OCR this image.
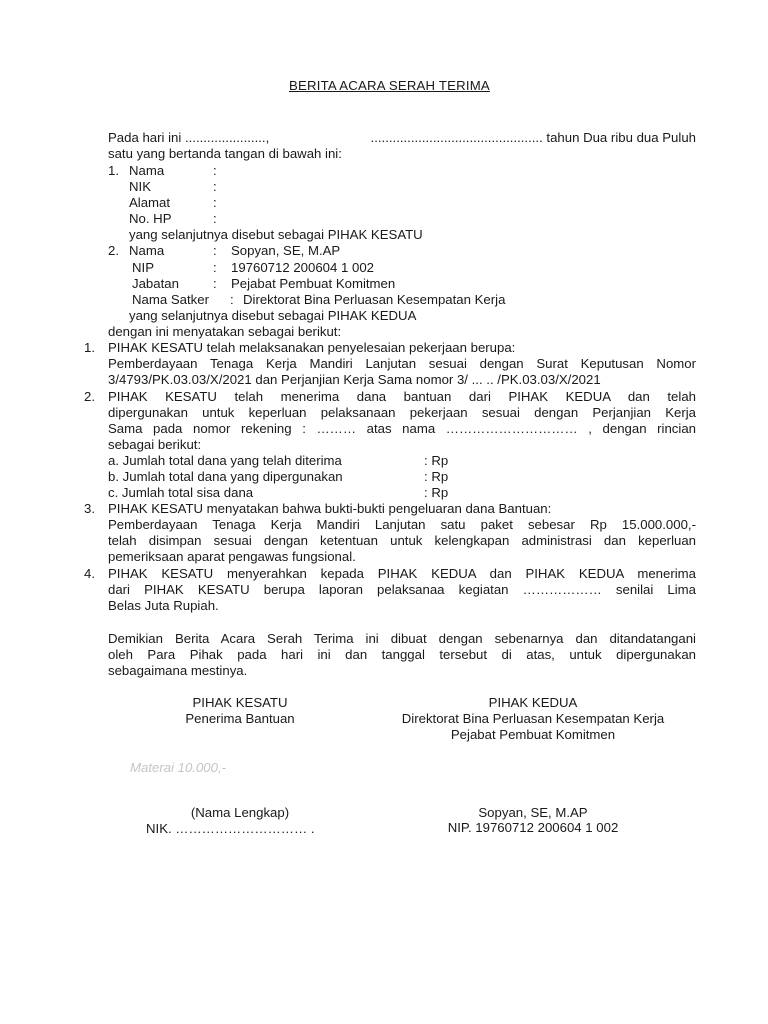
BERITA ACARA SERAH TERIMA
Pada hari ini ......................,	............................................... tahun Dua ribu dua Puluh
satu yang bertanda tangan di bawah ini:
1. Nama	:
NIK	:
Alamat	:
No. HP	:
yang selanjutnya disebut sebagai PIHAK KESATU
2. Nama	: Sopyan, SE, M.AP
NIP	: 19760712 200604 1 002
Jabatan	: Pejabat Pembuat Komitmen
Nama Satker : Direktorat Bina Perluasan Kesempatan Kerja
yang selanjutnya disebut sebagai PIHAK KEDUA
dengan ini menyatakan sebagai berikut:
1. PIHAK KESATU telah melaksanakan penyelesaian pekerjaan berupa:
Pemberdayaan Tenaga Kerja Mandiri Lanjutan sesuai dengan Surat Keputusan Nomor
3/4793/PK.03.03/X/2021 dan Perjanjian Kerja Sama nomor 3/ ... .. /PK.03.03/X/2021
2. PIHAK KESATU telah menerima dana bantuan dari PIHAK KEDUA dan telah
dipergunakan untuk keperluan pelaksanaan pekerjaan sesuai dengan Perjanjian Kerja
Sama pada nomor rekening : ……… atas nama ………………………… , dengan rincian
sebagai berikut:
a. Jumlah total dana yang telah diterima	: Rp
b. Jumlah total dana yang dipergunakan	: Rp
c. Jumlah total sisa dana	: Rp
3. PIHAK KESATU menyatakan bahwa bukti-bukti pengeluaran dana Bantuan:
Pemberdayaan Tenaga Kerja Mandiri Lanjutan satu paket sebesar Rp 15.000.000,-
telah disimpan sesuai dengan ketentuan untuk kelengkapan administrasi dan keperluan
pemeriksaan aparat pengawas fungsional.
4. PIHAK KESATU menyerahkan kepada PIHAK KEDUA dan PIHAK KEDUA menerima
dari PIHAK KESATU berupa laporan pelaksanaa kegiatan ……………… senilai Lima
Belas Juta Rupiah.
Demikian Berita Acara Serah Terima ini dibuat dengan sebenarnya dan ditandatangani
oleh Para Pihak pada hari ini dan tanggal tersebut di atas, untuk dipergunakan
sebagaimana mestinya.
PIHAK KESATU
Penerima Bantuan
Materai 10.000,-
(Nama Lengkap)
NIK. ………………………… .
PIHAK KEDUA
Direktorat Bina Perluasan Kesempatan Kerja
Pejabat Pembuat Komitmen
Sopyan, SE, M.AP
NIP. 19760712 200604 1 002
